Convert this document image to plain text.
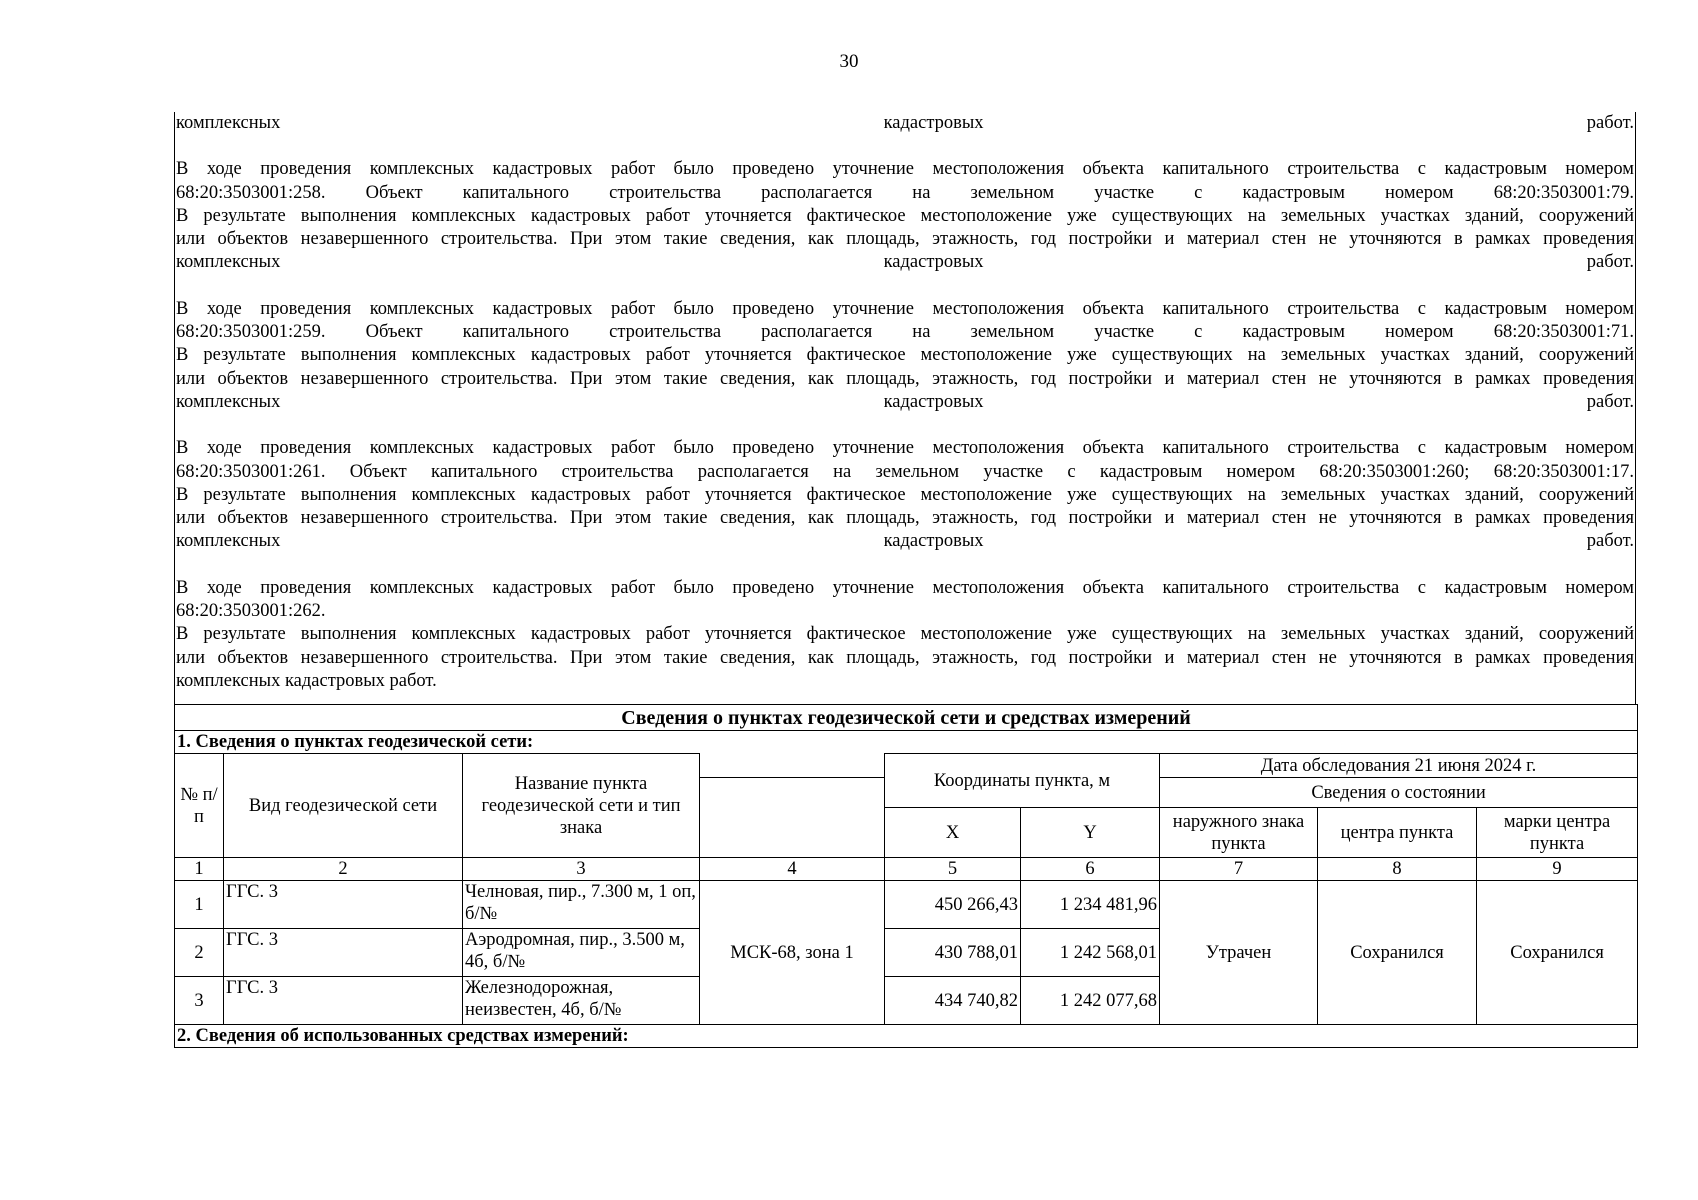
30
комплексных кадастровых работ.
В ходе проведения комплексных кадастровых работ было проведено уточнение местоположения объекта капитального строительства с кадастровым номером
68:20:3503001:258. Объект капитального строительства располагается на земельном участке с кадастровым номером 68:20:3503001:79.
В результате выполнения комплексных кадастровых работ уточняется фактическое местоположение уже существующих на земельных участках зданий, сооружений
или объектов незавершенного строительства. При этом такие сведения, как площадь, этажность, год постройки и материал стен не уточняются в рамках проведения
комплексных кадастровых работ.
В ходе проведения комплексных кадастровых работ было проведено уточнение местоположения объекта капитального строительства с кадастровым номером
68:20:3503001:259. Объект капитального строительства располагается на земельном участке с кадастровым номером 68:20:3503001:71.
В результате выполнения комплексных кадастровых работ уточняется фактическое местоположение уже существующих на земельных участках зданий, сооружений
или объектов незавершенного строительства. При этом такие сведения, как площадь, этажность, год постройки и материал стен не уточняются в рамках проведения
комплексных кадастровых работ.
В ходе проведения комплексных кадастровых работ было проведено уточнение местоположения объекта капитального строительства с кадастровым номером
68:20:3503001:261. Объект капитального строительства располагается на земельном участке с кадастровым номером 68:20:3503001:260; 68:20:3503001:17.
В результате выполнения комплексных кадастровых работ уточняется фактическое местоположение уже существующих на земельных участках зданий, сооружений
или объектов незавершенного строительства. При этом такие сведения, как площадь, этажность, год постройки и материал стен не уточняются в рамках проведения
комплексных кадастровых работ.
В ходе проведения комплексных кадастровых работ было проведено уточнение местоположения объекта капитального строительства с кадастровым номером
68:20:3503001:262.
В результате выполнения комплексных кадастровых работ уточняется фактическое местоположение уже существующих на земельных участках зданий, сооружений
или объектов незавершенного строительства. При этом такие сведения, как площадь, этажность, год постройки и материал стен не уточняются в рамках проведения
комплексных кадастровых работ.
Сведения о пунктах геодезической сети и средствах измерений								
1. Сведения о пунктах геодезической сети:								
№ п/п	Вид геодезической сети	Название пункта геодезической сети и тип знака		Координаты пункта, м		Дата обследования 21 июня 2024 г.		
						Сведения о состоянии		
				X	Y	наружного знака пункта	центра пункта	марки центра пункта
1	2	3	4	5	6	7	8	9
1	ГГС. 3	Челновая, пир., 7.300 м, 1 оп, б/№	МСК-68, зона 1	450 266,43	1 234 481,96	Утрачен	Сохранился	Сохранился
2	ГГС. 3	Аэродромная, пир., 3.500 м, 4б, б/№		430 788,01	1 242 568,01			
3	ГГС. 3	Железнодорожная, неизвестен, 4б, б/№		434 740,82	1 242 077,68			
2. Сведения об использованных средствах измерений:								
